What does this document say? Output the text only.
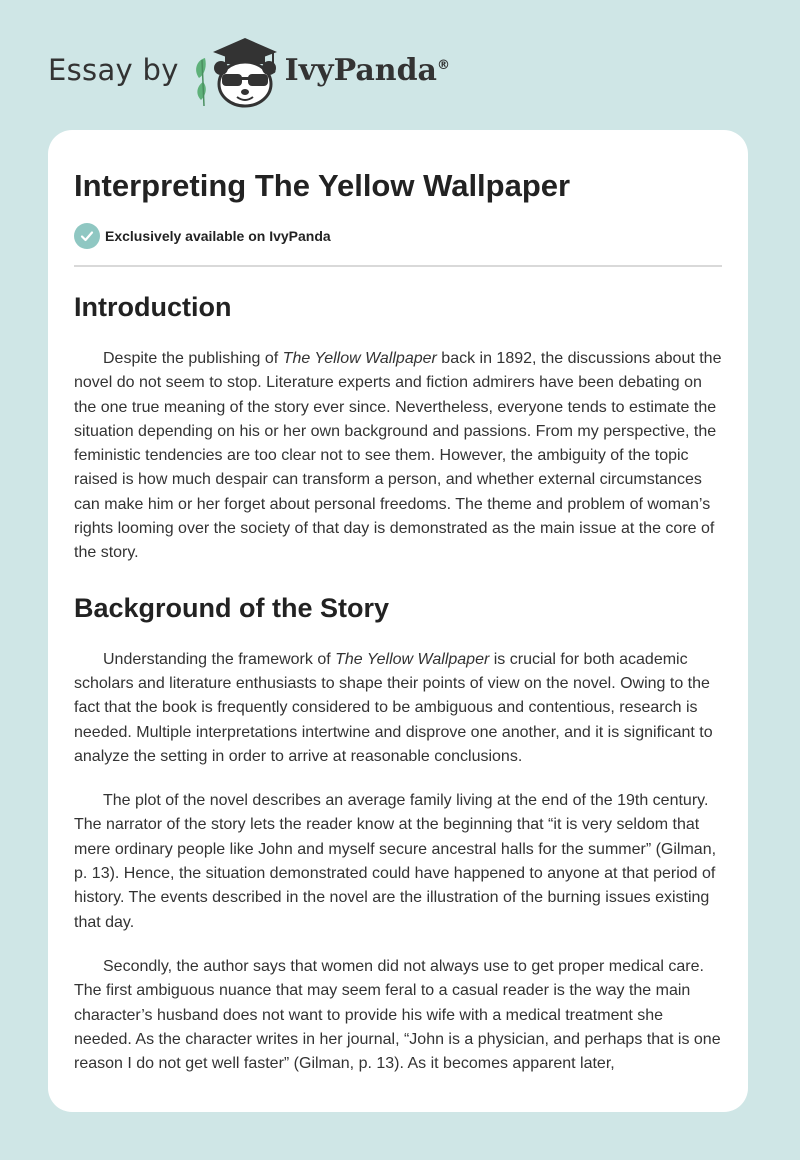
Essay by	IvyPanda®
Interpreting The Yellow Wallpaper
Exclusively available on IvyPanda
Introduction

Despite the publishing of The Yellow Wallpaper back in 1892, the discussions about the novel do not seem to stop. Literature experts and fiction admirers have been debating on the one true meaning of the story ever since. Nevertheless, everyone tends to estimate the situation depending on his or her own background and passions. From my perspective, the feministic tendencies are too clear not to see them. However, the ambiguity of the topic raised is how much despair can transform a person, and whether external circumstances can make him or her forget about personal freedoms. The theme and problem of woman’s rights looming over the society of that day is demonstrated as the main issue at the core of the story.

Background of the Story

Understanding the framework of The Yellow Wallpaper is crucial for both academic scholars and literature enthusiasts to shape their points of view on the novel. Owing to the fact that the book is frequently considered to be ambiguous and contentious, research is needed. Multiple interpretations intertwine and disprove one another, and it is significant to analyze the setting in order to arrive at reasonable conclusions.

The plot of the novel describes an average family living at the end of the 19th century. The narrator of the story lets the reader know at the beginning that “it is very seldom that mere ordinary people like John and myself secure ancestral halls for the summer” (Gilman, p. 13). Hence, the situation demonstrated could have happened to anyone at that period of history. The events described in the novel are the illustration of the burning issues existing that day.

Secondly, the author says that women did not always use to get proper medical care. The first ambiguous nuance that may seem feral to a casual reader is the way the main character’s husband does not want to provide his wife with a medical treatment she needed. As the character writes in her journal, “John is a physician, and perhaps that is one reason I do not get well faster” (Gilman, p. 13). As it becomes apparent later,
